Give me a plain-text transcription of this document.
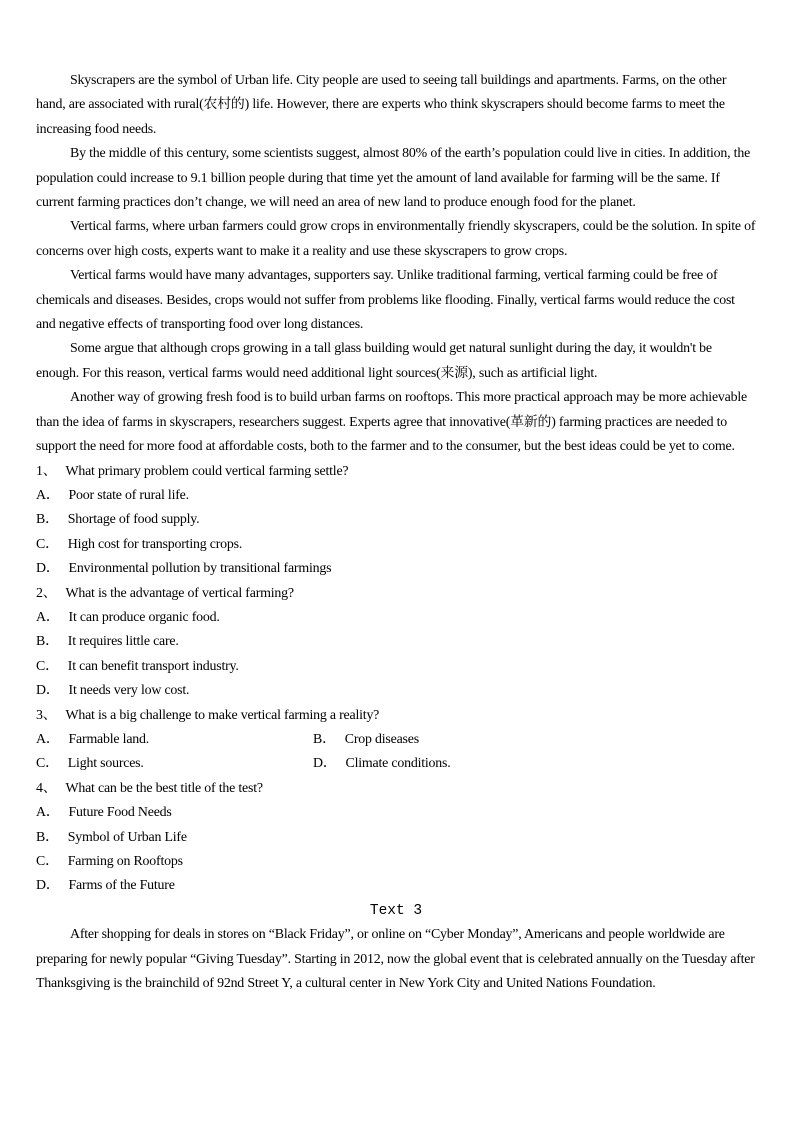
Skyscrapers are the symbol of Urban life. City people are used to seeing tall buildings and apartments. Farms, on the other hand, are associated with rural(农村的) life. However, there are experts who think skyscrapers should become farms to meet the increasing food needs.

By the middle of this century, some scientists suggest, almost 80% of the earth’s population could live in cities. In addition, the population could increase to 9.1 billion people during that time yet the amount of land available for farming will be the same. If current farming practices don’t change, we will need an area of new land to produce enough food for the planet.

Vertical farms, where urban farmers could grow crops in environmentally friendly skyscrapers, could be the solution. In spite of concerns over high costs, experts want to make it a reality and use these skyscrapers to grow crops.

Vertical farms would have many advantages, supporters say. Unlike traditional farming, vertical farming could be free of chemicals and diseases. Besides, crops would not suffer from problems like flooding. Finally, vertical farms would reduce the cost and negative effects of transporting food over long distances.

Some argue that although crops growing in a tall glass building would get natural sunlight during the day, it wouldn't be enough. For this reason, vertical farms would need additional light sources(来源), such as artificial light.

Another way of growing fresh food is to build urban farms on rooftops. This more practical approach may be more achievable than the idea of farms in skyscrapers, researchers suggest. Experts agree that innovative(革新的) farming practices are needed to support the need for more food at affordable costs, both to the farmer and to the consumer, but the best ideas could be yet to come.

1、 What primary problem could vertical farming settle?
A． Poor state of rural life.
B． Shortage of food supply.
C． High cost for transporting crops.
D． Environmental pollution by transitional farmings
2、 What is the advantage of vertical farming?
A． It can produce organic food.
B． It requires little care.
C． It can benefit transport industry.
D． It needs very low cost.
3、 What is a big challenge to make vertical farming a reality?
A． Farmable land.	B． Crop diseases
C． Light sources.	D． Climate conditions.
4、 What can be the best title of the test?
A． Future Food Needs
B． Symbol of Urban Life
C． Farming on Rooftops
D． Farms of the Future
Text 3

After shopping for deals in stores on “Black Friday”, or online on “Cyber Monday”, Americans and people worldwide are preparing for newly popular “Giving Tuesday”. Starting in 2012, now the global event that is celebrated annually on the Tuesday after Thanksgiving is the brainchild of 92nd Street Y, a cultural center in New York City and United Nations Foundation.
